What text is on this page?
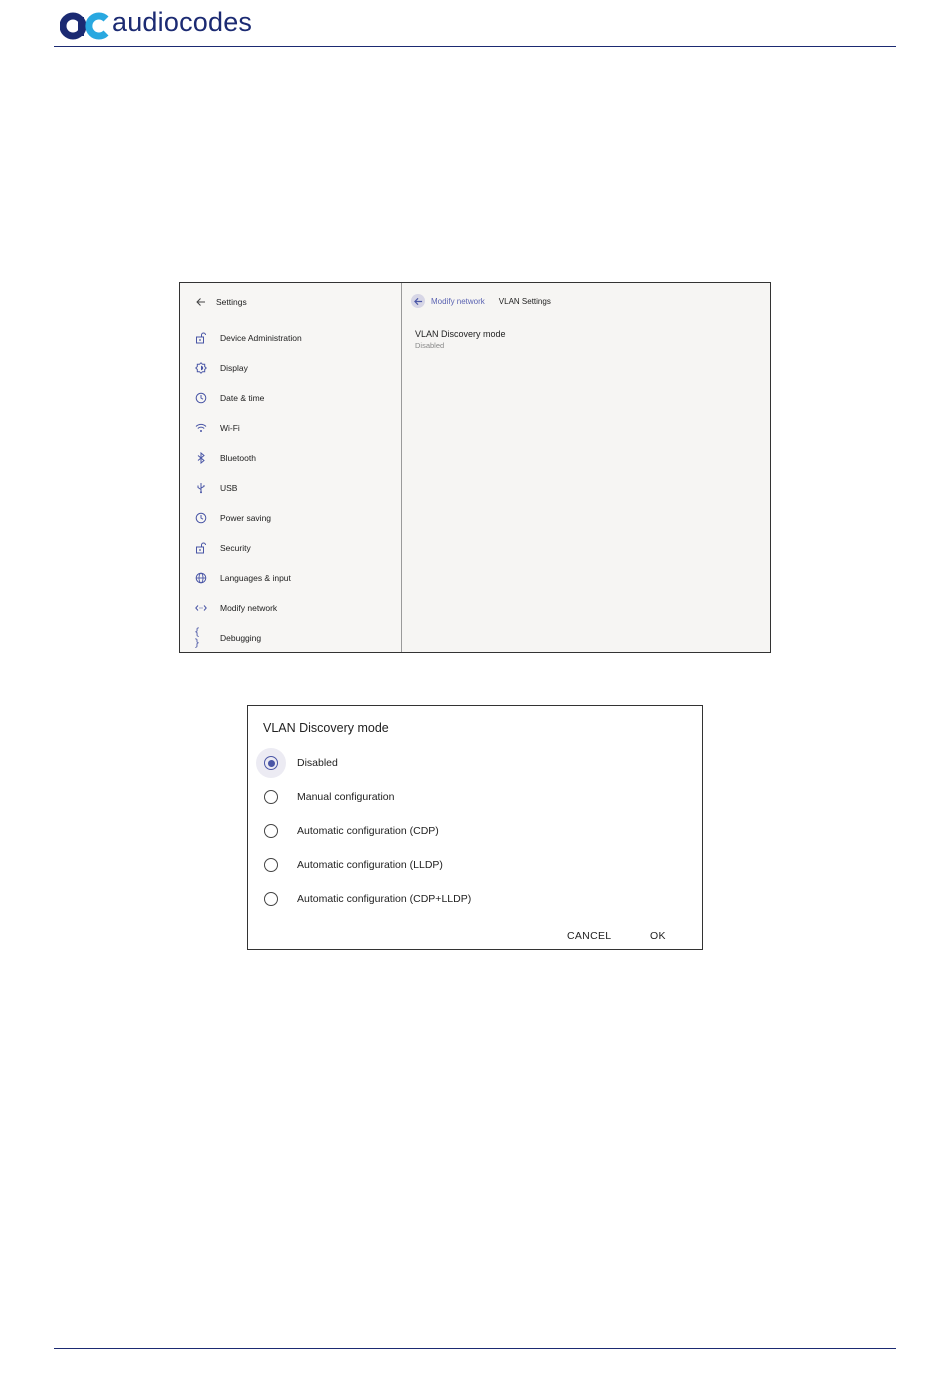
audiocodes
Settings
Device Administration
Display
Date & time
Wi-Fi
Bluetooth
USB
Power saving
Security
Languages & input
Modify network
{ }	Debugging
Modify network VLAN Settings
VLAN Discovery mode
Disabled
VLAN Discovery mode
Disabled
Manual configuration
Automatic configuration (CDP)
Automatic configuration (LLDP)
Automatic configuration (CDP+LLDP)
CANCEL	OK
